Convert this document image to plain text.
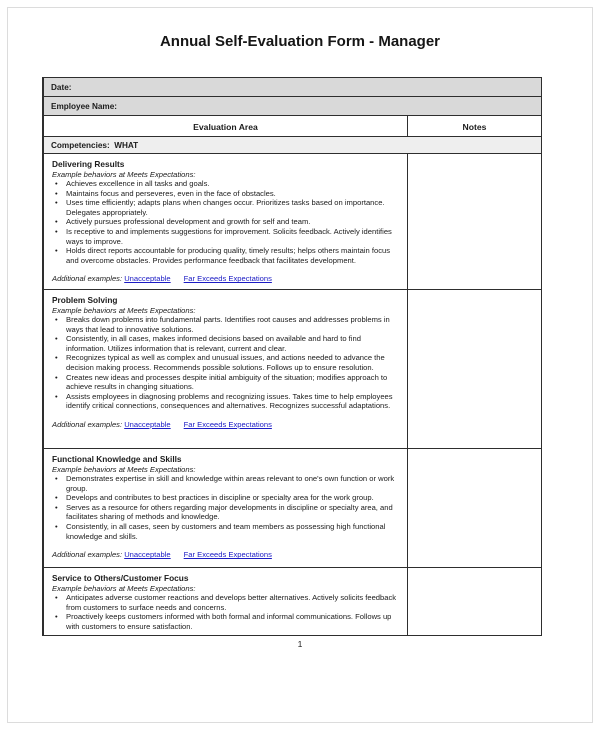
Annual Self-Evaluation Form - Manager
Date:
Employee Name:
Evaluation Area	Notes
Competencies:  WHAT
Delivering Results
Example behaviors at Meets Expectations:
•	Achieves excellence in all tasks and goals.
•	Maintains focus and perseveres, even in the face of obstacles.
•	Uses time efficiently; adapts plans when changes occur. Prioritizes tasks based on importance. Delegates appropriately.
•	Actively pursues professional development and growth for self and team.
•	Is receptive to and implements suggestions for improvement. Solicits feedback. Actively identifies ways to improve.
•	Holds direct reports accountable for producing quality, timely results; helps others maintain focus and overcome obstacles. Provides performance feedback that facilitates development.
Additional examples: Unacceptable Far Exceeds Expectations
Problem Solving
Example behaviors at Meets Expectations:
•	Breaks down problems into fundamental parts. Identifies root causes and addresses problems in ways that lead to innovative solutions.
•	Consistently, in all cases, makes informed decisions based on available and hard to find information. Utilizes information that is relevant, current and clear.
•	Recognizes typical as well as complex and unusual issues, and actions needed to advance the decision making process. Recommends possible solutions. Follows up to ensure resolution.
•	Creates new ideas and processes despite initial ambiguity of the situation; modifies approach to achieve results in changing situations.
•	Assists employees in diagnosing problems and recognizing issues. Takes time to help employees identify critical connections, consequences and alternatives. Recognizes successful adaptations.
Additional examples: Unacceptable Far Exceeds Expectations
Functional Knowledge and Skills
Example behaviors at Meets Expectations:
•	Demonstrates expertise in skill and knowledge within areas relevant to one's own function or work group.
•	Develops and contributes to best practices in discipline or specialty area for the work group.
•	Serves as a resource for others regarding major developments in discipline or specialty area, and facilitates sharing of methods and knowledge.
•	Consistently, in all cases, seen by customers and team members as possessing high functional knowledge and skills.
Additional examples: Unacceptable Far Exceeds Expectations
Service to Others/Customer Focus
Example behaviors at Meets Expectations:
•	Anticipates adverse customer reactions and develops better alternatives. Actively solicits feedback from customers to surface needs and concerns.
•	Proactively keeps customers informed with both formal and informal communications. Follows up with customers to ensure satisfaction.
1
